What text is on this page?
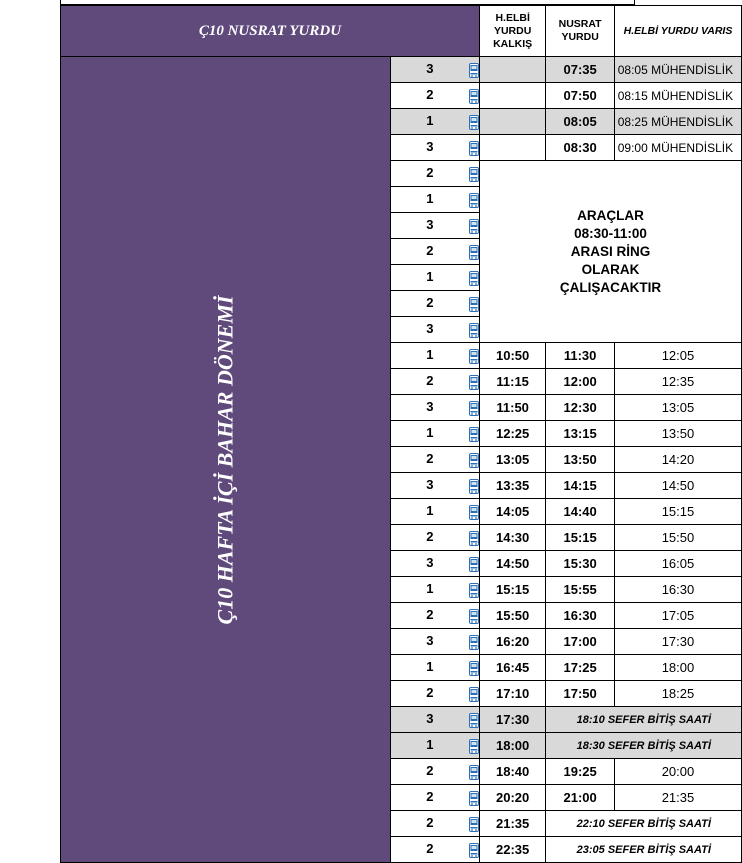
Ç10 NUSRAT YURDU		H.ELBİ YURDU KALKIŞ	NUSRAT YURDU	H.ELBİ YURDU VARIS
Ç10 HAFTA İÇİ BAHAR DÖNEMİ	3		07:35	08:05 MÜHENDİSLİK
	2		07:50	08:15 MÜHENDİSLİK
	1		08:05	08:25 MÜHENDİSLİK
	3		08:30	09:00 MÜHENDİSLİK
	2	ARAÇLAR 08:30-11:00 ARASI RİNG OLARAK ÇALIŞACAKTIR		
	1			

	3			

	2			

	1			

	2			

	3			

	1	10:50	11:30	12:05
	2	11:15	12:00	12:35
	3	11:50	12:30	13:05
	1	12:25	13:15	13:50
	2	13:05	13:50	14:20
	3	13:35	14:15	14:50
	1	14:05	14:40	15:15
	2	14:30	15:15	15:50
	3	14:50	15:30	16:05
	1	15:15	15:55	16:30
	2	15:50	16:30	17:05
	3	16:20	17:00	17:30
	1	16:45	17:25	18:00
	2	17:10	17:50	18:25
	3	17:30	18:10 SEFER BİTİŞ SAATİ	
	1	18:00	18:30 SEFER BİTİŞ SAATİ	
	2	18:40	19:25	20:00
	2	20:20	21:00	21:35
	2	21:35	22:10 SEFER BİTİŞ SAATİ	
	2	22:35	23:05 SEFER BİTİŞ SAATİ	
